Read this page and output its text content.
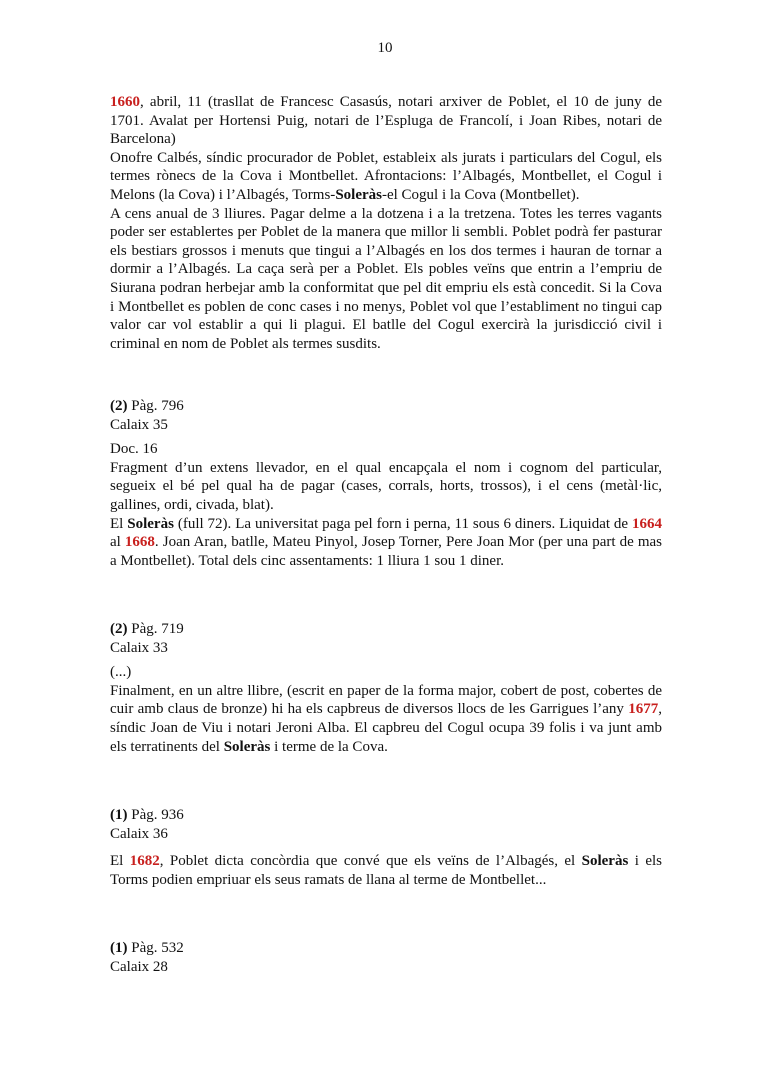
10

1660, abril, 11 (trasllat de Francesc Casasús, notari arxiver de Poblet, el 10 de juny de 1701. Avalat per Hortensi Puig, notari de l’Espluga de Francolí, i Joan Ribes, notari de Barcelona)

Onofre Calbés, síndic procurador de Poblet, estableix als jurats i particulars del Cogul, els termes rònecs de la Cova i Montbellet. Afrontacions: l’Albagés, Montbellet, el Cogul i Melons (la Cova) i l’Albagés, Torms-Soleràs-el Cogul i la Cova (Montbellet).

A cens anual de 3 lliures. Pagar delme a la dotzena i a la tretzena. Totes les terres vagants poder ser establertes per Poblet de la manera que millor li sembli. Poblet podrà fer pasturar els bestiars grossos i menuts que tingui a l’Albagés en los dos termes i hauran de tornar a dormir a l’Albagés. La caça serà per a Poblet. Els pobles veïns que entrin a l’empriu de Siurana podran herbejar amb la conformitat que pel dit empriu els està concedit. Si la Cova i Montbellet es poblen de conc cases i no menys, Poblet vol que l’establiment no tingui cap valor car vol establir a qui li plagui. El batlle del Cogul exercirà la jurisdicció civil i criminal en nom de Poblet als termes susdits.

(2) Pàg. 796

Calaix 35

Doc. 16

Fragment d’un extens llevador, en el qual encapçala el nom i cognom del particular, segueix el bé pel qual ha de pagar (cases, corrals, horts, trossos), i el cens (metàl·lic, gallines, ordi, civada, blat).

El Soleràs (full 72). La universitat paga pel forn i perna, 11 sous 6 diners. Liquidat de 1664 al 1668. Joan Aran, batlle, Mateu Pinyol, Josep Torner, Pere Joan Mor (per una part de mas a Montbellet). Total dels cinc assentaments: 1 lliura 1 sou 1 diner.

(2) Pàg. 719

Calaix 33

(...)

Finalment, en un altre llibre, (escrit en paper de la forma major, cobert de post, cobertes de cuir amb claus de bronze) hi ha els capbreus de diversos llocs de les Garrigues l’any 1677, síndic Joan de Viu i notari Jeroni Alba. El capbreu del Cogul ocupa 39 folis i va junt amb els terratinents del Soleràs i terme de la Cova.

(1) Pàg. 936

Calaix 36

El 1682, Poblet dicta concòrdia que convé que els veïns de l’Albagés, el Soleràs i els Torms podien empriuar els seus ramats de llana al terme de Montbellet...

(1) Pàg. 532

Calaix 28
